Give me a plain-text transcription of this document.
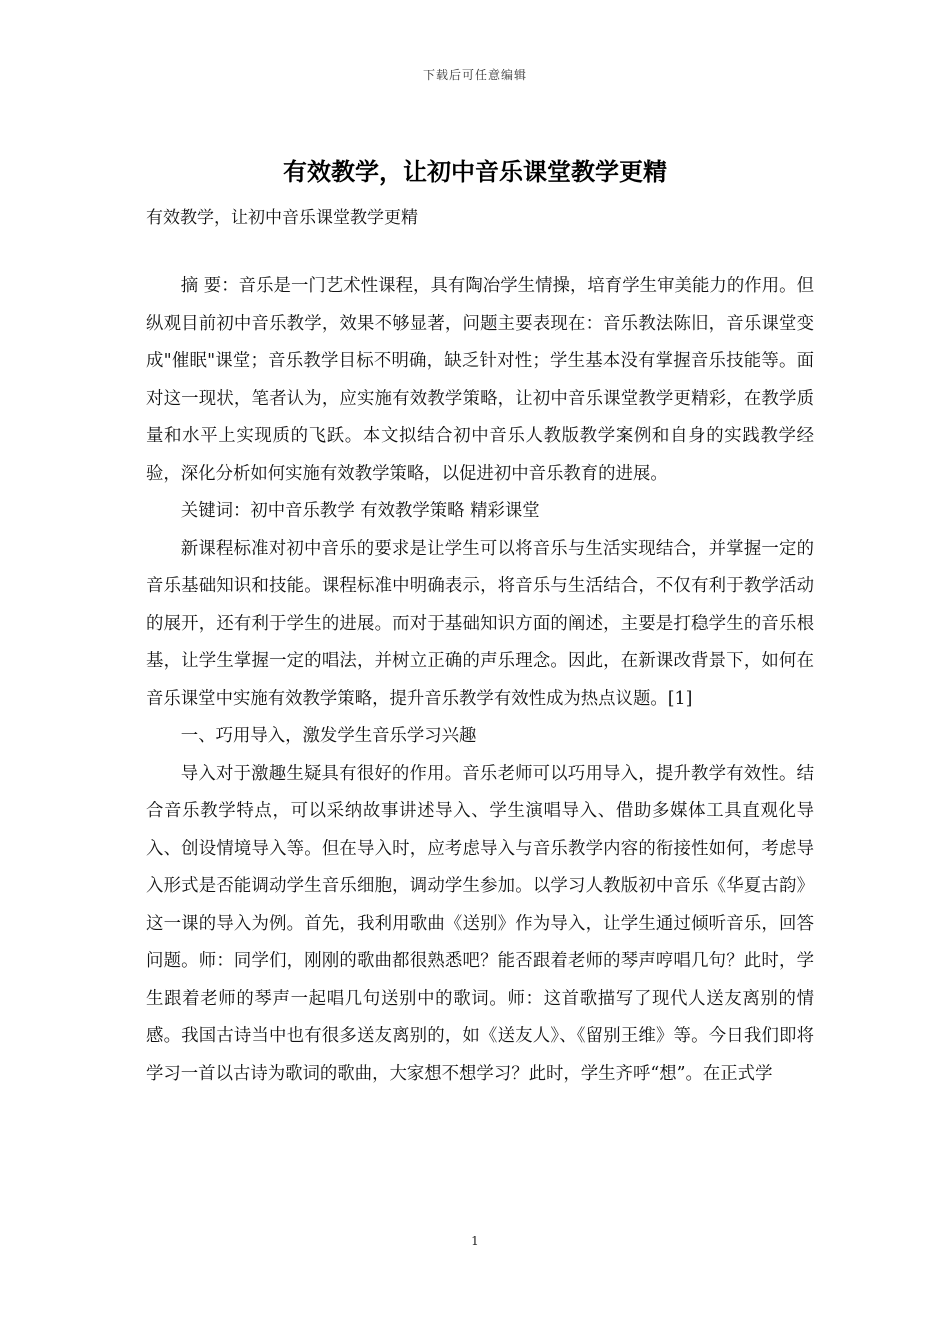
下载后可任意编辑
有效教学，让初中音乐课堂教学更精
有效教学，让初中音乐课堂教学更精

摘 要：音乐是一门艺术性课程，具有陶冶学生情操，培育学生审美能力的作用。但纵观目前初中音乐教学，效果不够显著，问题主要表现在：音乐教法陈旧，音乐课堂变成"催眠"课堂；音乐教学目标不明确，缺乏针对性；学生基本没有掌握音乐技能等。面对这一现状，笔者认为，应实施有效教学策略，让初中音乐课堂教学更精彩，在教学质量和水平上实现质的飞跃。本文拟结合初中音乐人教版教学案例和自身的实践教学经验，深化分析如何实施有效教学策略，以促进初中音乐教育的进展。

关键词：初中音乐教学 有效教学策略 精彩课堂

新课程标准对初中音乐的要求是让学生可以将音乐与生活实现结合，并掌握一定的音乐基础知识和技能。课程标准中明确表示，将音乐与生活结合，不仅有利于教学活动的展开，还有利于学生的进展。而对于基础知识方面的阐述，主要是打稳学生的音乐根基，让学生掌握一定的唱法，并树立正确的声乐理念。因此，在新课改背景下，如何在音乐课堂中实施有效教学策略，提升音乐教学有效性成为热点议题。[1]

一、巧用导入，激发学生音乐学习兴趣

导入对于激趣生疑具有很好的作用。音乐老师可以巧用导入，提升教学有效性。结合音乐教学特点，可以采纳故事讲述导入、学生演唱导入、借助多媒体工具直观化导入、创设情境导入等。但在导入时，应考虑导入与音乐教学内容的衔接性如何，考虑导入形式是否能调动学生音乐细胞，调动学生参加。以学习人教版初中音乐《华夏古韵》这一课的导入为例。首先，我利用歌曲《送别》作为导入，让学生通过倾听音乐，回答问题。师：同学们，刚刚的歌曲都很熟悉吧？能否跟着老师的琴声哼唱几句？此时，学生跟着老师的琴声一起唱几句送别中的歌词。师：这首歌描写了现代人送友离别的情感。我国古诗当中也有很多送友离别的，如《送友人》、《留别王维》等。今日我们即将学习一首以古诗为歌词的歌曲，大家想不想学习？此时，学生齐呼“想”。在正式学

1
